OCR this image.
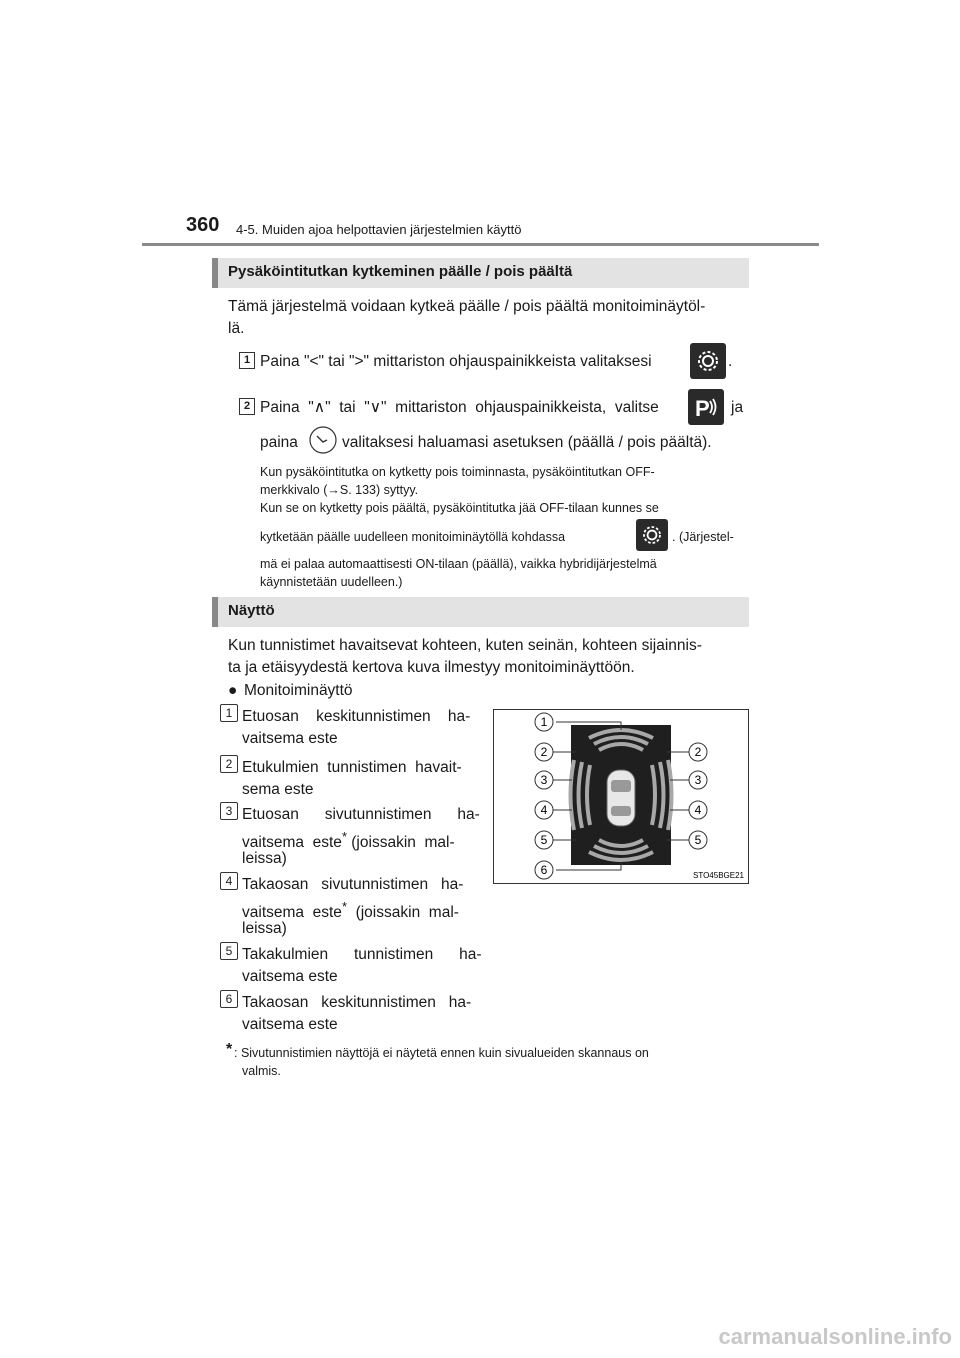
360 4-5. Muiden ajoa helpottavien järjestelmien käyttö
Pysäköintitutkan kytkeminen päälle / pois päältä
Tämä järjestelmä voidaan kytkeä päälle / pois päältä monitoiminäytöl-
lä.
1 Paina "<" tai ">" mittariston ohjauspainikkeista valitaksesi	.
2 Paina  "∧"  tai  "∨"  mittariston  ohjauspainikkeista,  valitse	P ja
paina	valitaksesi haluamasi asetuksen (päällä / pois päältä).
Kun pysäköintitutka on kytketty pois toiminnasta, pysäköintitutkan OFF-
merkkivalo (→S. 133) syttyy.
Kun se on kytketty pois päältä, pysäköintitutka jää OFF-tilaan kunnes se
kytketään päälle uudelleen monitoiminäytöllä kohdassa	. (Järjestel-
mä ei palaa automaattisesti ON-tilaan (päällä), vaikka hybridijärjestelmä
käynnistetään uudelleen.)
Näyttö
Kun tunnistimet havaitsevat kohteen, kuten seinän, kohteen sijainnis-
ta ja etäisyydestä kertova kuva ilmestyy monitoiminäyttöön.
● Monitoiminäyttö
1 Etuosan    keskitunnistimen    ha-
vaitsema este
2 Etukulmien  tunnistimen  havait-
sema este
3 Etuosan      sivutunnistimen      ha-
vaitsema  este* (joissakin  mal-
leissa)
4 Takaosan   sivutunnistimen   ha-
vaitsema  este*  (joissakin  mal-
leissa)
5 Takakulmien      tunnistimen      ha-
vaitsema este
6 Takaosan   keskitunnistimen   ha-
vaitsema este
1
2	2
3	3
4	4
5	5
6	STO45BGE21
* : Sivutunnistimien näyttöjä ei näytetä ennen kuin sivualueiden skannaus on
valmis.
carmanualsonline.info
